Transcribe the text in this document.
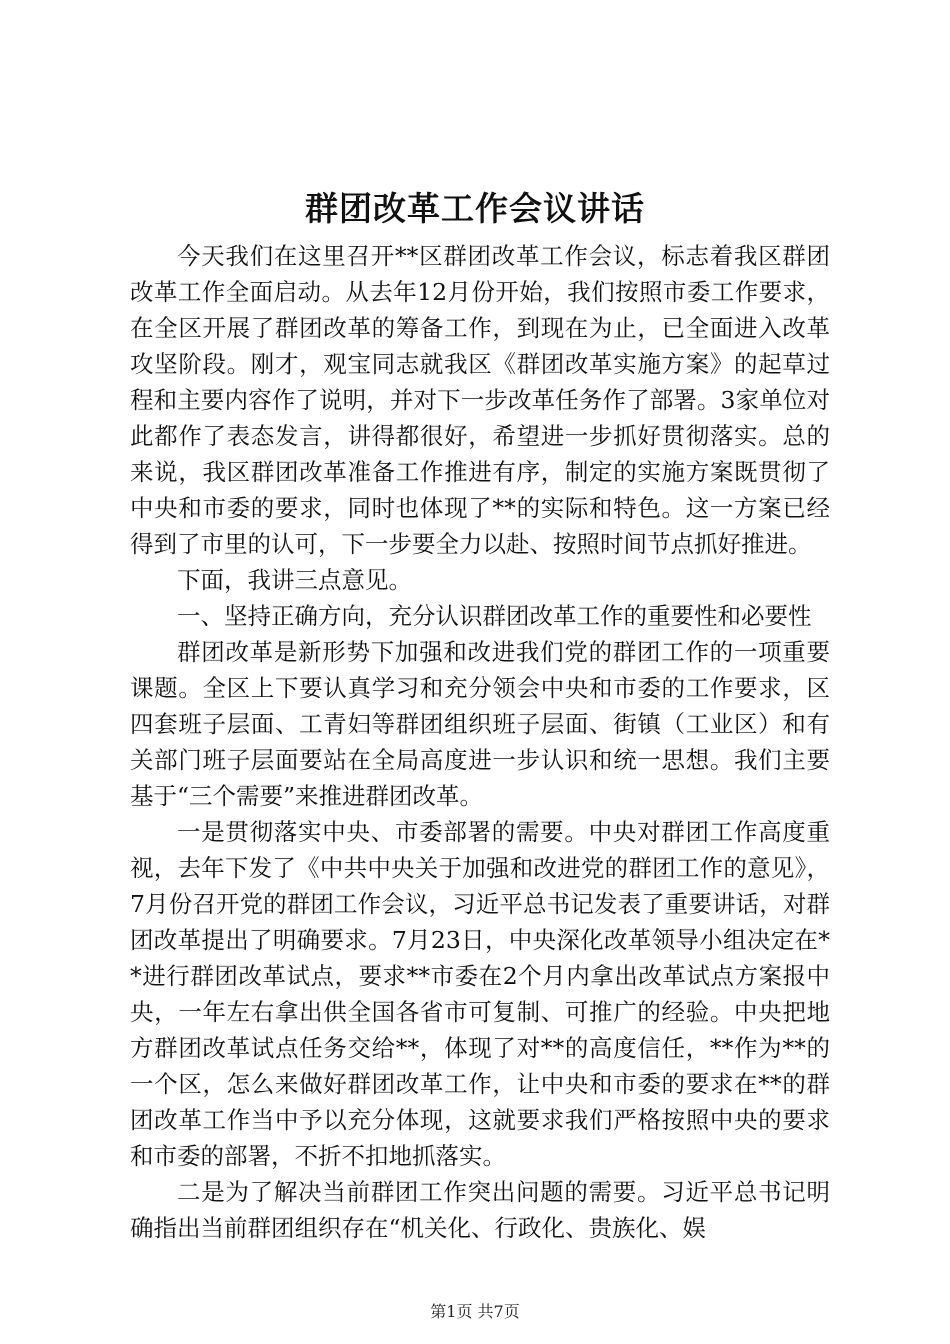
群团改革工作会议讲话

今天我们在这里召开**区群团改革工作会议，标志着我区群团改革工作全面启动。从去年12月份开始，我们按照市委工作要求，在全区开展了群团改革的筹备工作，到现在为止，已全面进入改革攻坚阶段。刚才，观宝同志就我区《群团改革实施方案》的起草过程和主要内容作了说明，并对下一步改革任务作了部署。3家单位对此都作了表态发言，讲得都很好，希望进一步抓好贯彻落实。总的来说，我区群团改革准备工作推进有序，制定的实施方案既贯彻了中央和市委的要求，同时也体现了**的实际和特色。这一方案已经得到了市里的认可，下一步要全力以赴、按照时间节点抓好推进。

下面，我讲三点意见。

一、坚持正确方向，充分认识群团改革工作的重要性和必要性

群团改革是新形势下加强和改进我们党的群团工作的一项重要课题。全区上下要认真学习和充分领会中央和市委的工作要求，区四套班子层面、工青妇等群团组织班子层面、街镇（工业区）和有关部门班子层面要站在全局高度进一步认识和统一思想。我们主要基于“三个需要”来推进群团改革。

一是贯彻落实中央、市委部署的需要。中央对群团工作高度重视，去年下发了《中共中央关于加强和改进党的群团工作的意见》，7月份召开党的群团工作会议，习近平总书记发表了重要讲话，对群团改革提出了明确要求。7月23日，中央深化改革领导小组决定在**进行群团改革试点，要求**市委在2个月内拿出改革试点方案报中央，一年左右拿出供全国各省市可复制、可推广的经验。中央把地方群团改革试点任务交给**，体现了对**的高度信任，**作为**的一个区，怎么来做好群团改革工作，让中央和市委的要求在**的群团改革工作当中予以充分体现，这就要求我们严格按照中央的要求和市委的部署，不折不扣地抓落实。

二是为了解决当前群团工作突出问题的需要。习近平总书记明确指出当前群团组织存在“机关化、行政化、贵族化、娱

第1页 共7页
